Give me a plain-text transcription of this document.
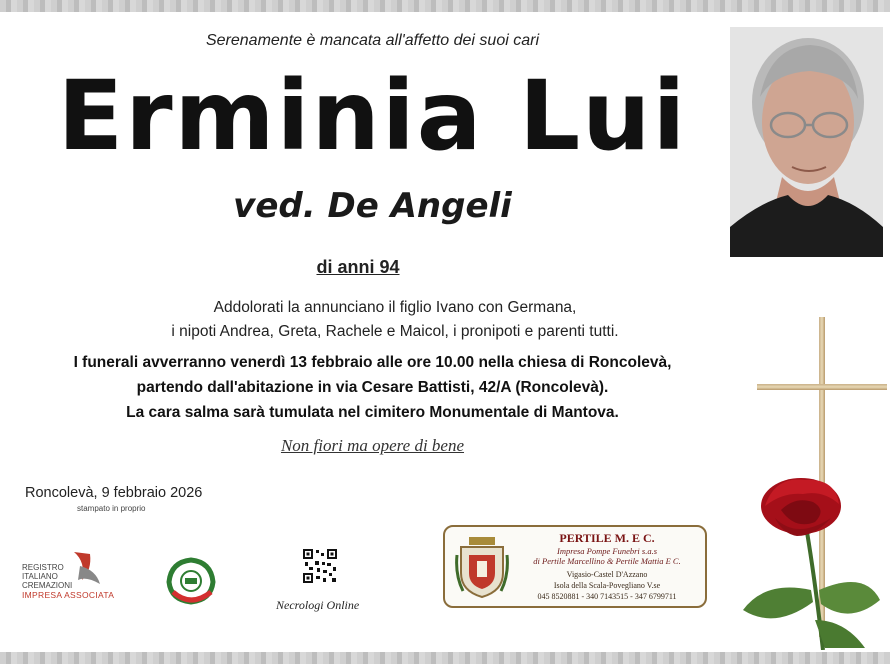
Serenamente è mancata all'affetto dei suoi cari
Erminia Lui
ved. De Angeli
di anni 94
Addolorati la annunciano il figlio Ivano con Germana,
i nipoti Andrea, Greta, Rachele e Maicol, i pronipoti e parenti tutti.
I funerali avverranno venerdì 13 febbraio alle ore 10.00 nella chiesa di Roncolevà,
partendo dall'abitazione in via Cesare Battisti, 42/A (Roncolevà).
La cara salma sarà tumulata nel cimitero Monumentale di Mantova.
Non fiori ma opere di bene
Roncolevà, 9 febbraio 2026
stampato in proprio
REGISTRO
ITALIANO
CREMAZIONI
IMPRESA ASSOCIATA
Necrologi Online
PERTILE M. E C.
Impresa Pompe Funebri s.a.s
di Pertile Marcellino & Pertile Mattia E C.
Vigasio-Castel D'Azzano
Isola della Scala-Povegliano V.se
045 8520881 - 340 7143515 - 347 6799711
